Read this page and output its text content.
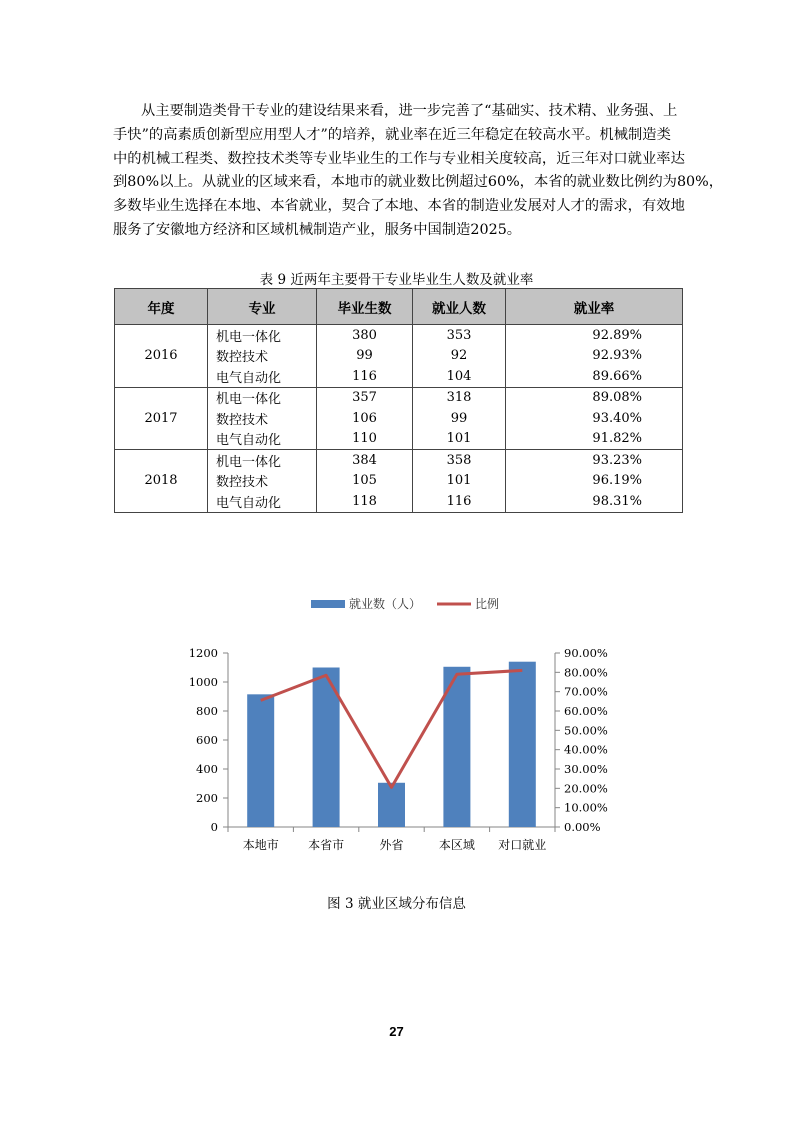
从主要制造类骨干专业的建设结果来看，进一步完善了“基础实、技术精、业务强、上

手快”的高素质创新型应用型人才”的培养，就业率在近三年稳定在较高水平。机械制造类

中的机械工程类、数控技术类等专业毕业生的工作与专业相关度较高，近三年对口就业率达

到80%以上。从就业的区域来看，本地市的就业数比例超过60%，本省的就业数比例约为80%，

多数毕业生选择在本地、本省就业，契合了本地、本省的制造业发展对人才的需求，有效地

服务了安徽地方经济和区域机械制造产业，服务中国制造2025。

表 9 近两年主要骨干专业毕业生人数及就业率
年度	专业	毕业生数	就业人数	就业率
2016	机电一体化	380	353	92.89%
	数控技术	99	92	92.93%
	电气自动化	116	104	89.66%
2017	机电一体化	357	318	89.08%
	数控技术	106	99	93.40%
	电气自动化	110	101	91.82%
2018	机电一体化	384	358	93.23%
	数控技术	105	101	96.19%
	电气自动化	118	116	98.31%
就业数（人）	比例
0
200
400
600
800
1000
1200
0.00%
10.00%
20.00%
30.00%
40.00%
50.00%
60.00%
70.00%
80.00%
90.00%
本地市 本省市	外省	本区域 对口就业
图 3 就业区域分布信息
27
